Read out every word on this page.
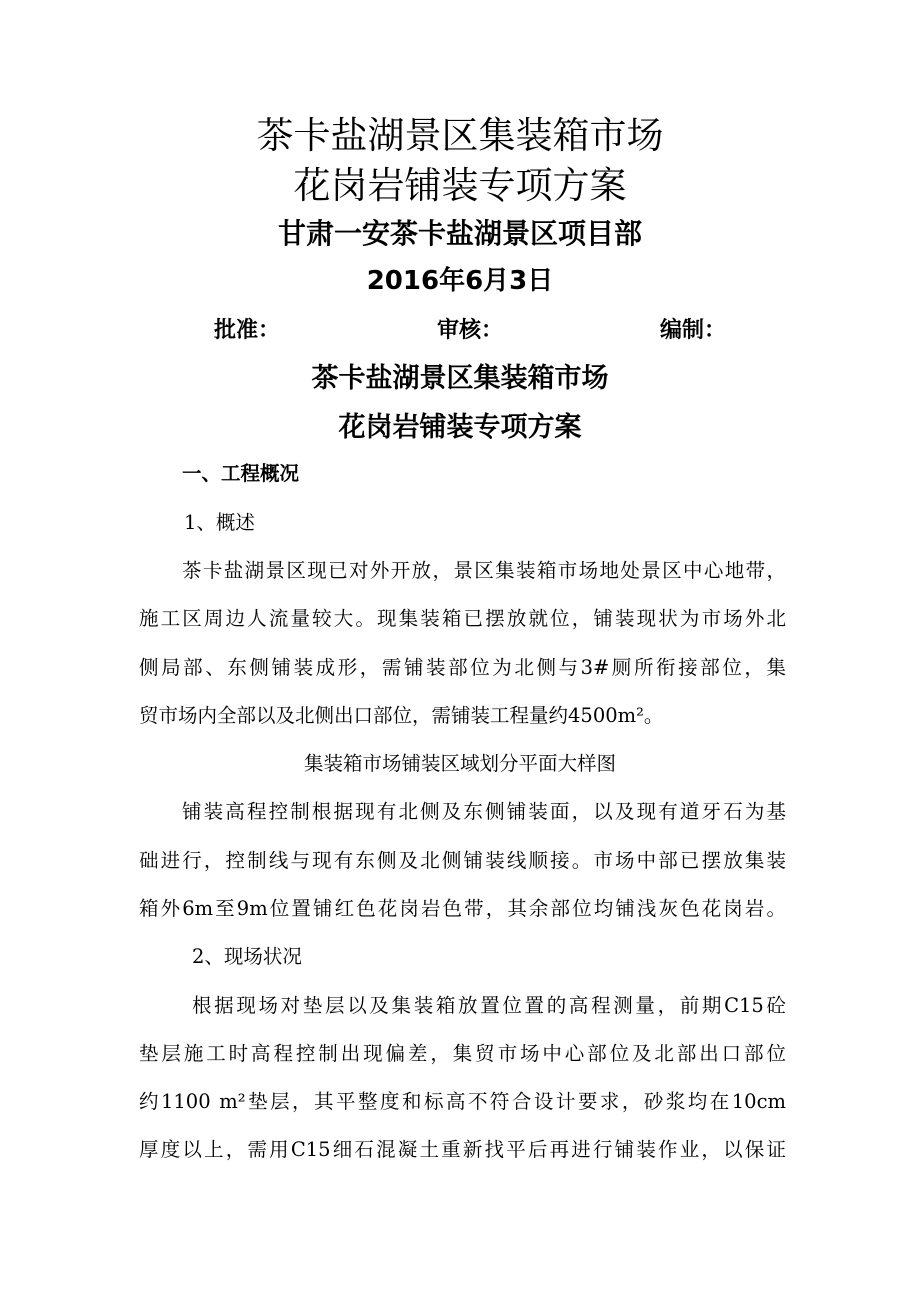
茶卡盐湖景区集装箱市场
花岗岩铺装专项方案
甘肃一安茶卡盐湖景区项目部
2016年6月3日
批准：	审核：	编制：
茶卡盐湖景区集装箱市场
花岗岩铺装专项方案
一、工程概况
1、概述
茶卡盐湖景区现已对外开放，景区集装箱市场地处景区中心地带，
施工区周边人流量较大。现集装箱已摆放就位，铺装现状为市场外北
侧局部、东侧铺装成形，需铺装部位为北侧与3#厕所衔接部位，集
贸市场内全部以及北侧出口部位，需铺装工程量约4500m²。
集装箱市场铺装区域划分平面大样图
铺装高程控制根据现有北侧及东侧铺装面，以及现有道牙石为基
础进行，控制线与现有东侧及北侧铺装线顺接。市场中部已摆放集装
箱外6m至9m位置铺红色花岗岩色带，其余部位均铺浅灰色花岗岩。
2、现场状况
根据现场对垫层以及集装箱放置位置的高程测量，前期C15砼
垫层施工时高程控制出现偏差，集贸市场中心部位及北部出口部位
约1100 m²垫层，其平整度和标高不符合设计要求，砂浆均在10cm
厚度以上，需用C15细石混凝土重新找平后再进行铺装作业，以保证
